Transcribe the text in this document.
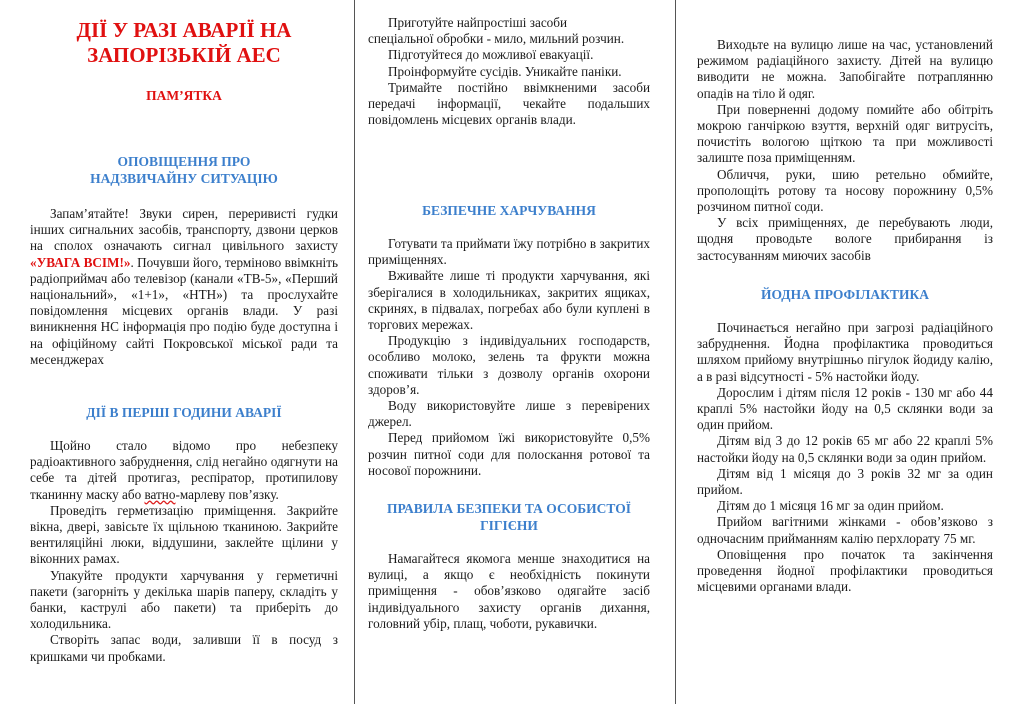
ДІЇ У РАЗІ АВАРІЇ НА
ЗАПОРІЗЬКІЙ АЕС
ПАМ’ЯТКА
ОПОВІЩЕННЯ ПРО
НАДЗВИЧАЙНУ СИТУАЦІЮ

Запам’ятайте! Звуки сирен, переривисті гудки інших сигнальних засобів, транспорту, дзвони церков на сполох означають сигнал цивільного захисту «УВАГА ВСІМ!». Почувши його, терміново ввімкніть радіоприймач або телевізор (канали «ТВ-5», «Перший національний», «1+1», «НТН») та прослухайте повідомлення місцевих органів влади. У разі виникнення НС інформація про подію буде доступна і на офіційному сайті Покровської міської ради та месенджерах

ДІЇ В ПЕРШІ ГОДИНИ АВАРІЇ

Щойно стало відомо про небезпеку радіоактивного забруднення, слід негайно одягнути на себе та дітей протигаз, респіратор, протипилову тканинну маску або ватно-марлеву пов’язку.

Проведіть герметизацію приміщення. Закрийте вікна, двері, завісьте їх щільною тканиною. Закрийте вентиляційні люки, віддушини, заклейте щілини у віконних рамах.

Упакуйте продукти харчування у герметичні пакети (загорніть у декілька шарів паперу, складіть у банки, каструлі або пакети) та приберіть до холодильника.

Створіть запас води, заливши її в посуд з кришками чи пробками.

Приготуйте найпростіші засоби

спеціальної обробки - мило, мильний розчин.

Підготуйтеся до можливої евакуації.

Проінформуйте сусідів. Уникайте паніки.

Тримайте постійно ввімкненими засоби передачі інформації, чекайте подальших повідомлень місцевих органів влади.

БЕЗПЕЧНЕ ХАРЧУВАННЯ

Готувати та приймати їжу потрібно в закритих приміщеннях.

Вживайте лише ті продукти харчування, які зберігалися в холодильниках, закритих ящиках, скринях, в підвалах, погребах або були куплені в торгових мережах.

Продукцію з індивідуальних господарств, особливо молоко, зелень та фрукти можна споживати тільки з дозволу органів охорони здоров’я.

Воду використовуйте лише з перевірених джерел.

Перед прийомом їжі використовуйте 0,5% розчин питної соди для полоскання ротової та носової порожнини.

ПРАВИЛА БЕЗПЕКИ ТА ОСОБИСТОЇ
ГІГІЄНИ

Намагайтеся якомога менше знаходитися на вулиці, а якщо є необхідність покинути приміщення - обов’язково одягайте засіб індивідуального захисту органів дихання, головний убір, плащ, чоботи, рукавички.

Виходьте на вулицю лише на час, установлений режимом радіаційного захисту. Дітей на вулицю виводити не можна. Запобігайте потраплянню опадів на тіло й одяг.

При поверненні додому помийте або обітріть мокрою ганчіркою взуття, верхній одяг витрусіть, почистіть вологою щіткою та при можливості залиште поза приміщенням.

Обличчя, руки, шию ретельно обмийте, прополощіть ротову та носову порожнину 0,5% розчином питної соди.

У всіх приміщеннях, де перебувають люди, щодня проводьте вологе прибирання із застосуванням миючих засобів

ЙОДНА ПРОФІЛАКТИКА

Починається негайно при загрозі радіаційного забруднення. Йодна профілактика проводиться шляхом прийому внутрішньо пігулок йодиду калію, а в разі відсутності - 5% настойки йоду.

Дорослим і дітям після 12 років - 130 мг або 44 краплі 5% настойки йоду на 0,5 склянки води за один прийом.

Дітям від 3 до 12 років 65 мг або 22 краплі 5% настойки йоду на 0,5 склянки води за один прийом.

Дітям від 1 місяця до 3 років 32 мг за один прийом.

Дітям до 1 місяця 16 мг за один прийом.

Прийом вагітними жінками - обов’язково з одночасним прийманням калію перхлорату 75 мг.

Оповіщення про початок та закінчення проведення йодної профілактики проводиться місцевими органами влади.
